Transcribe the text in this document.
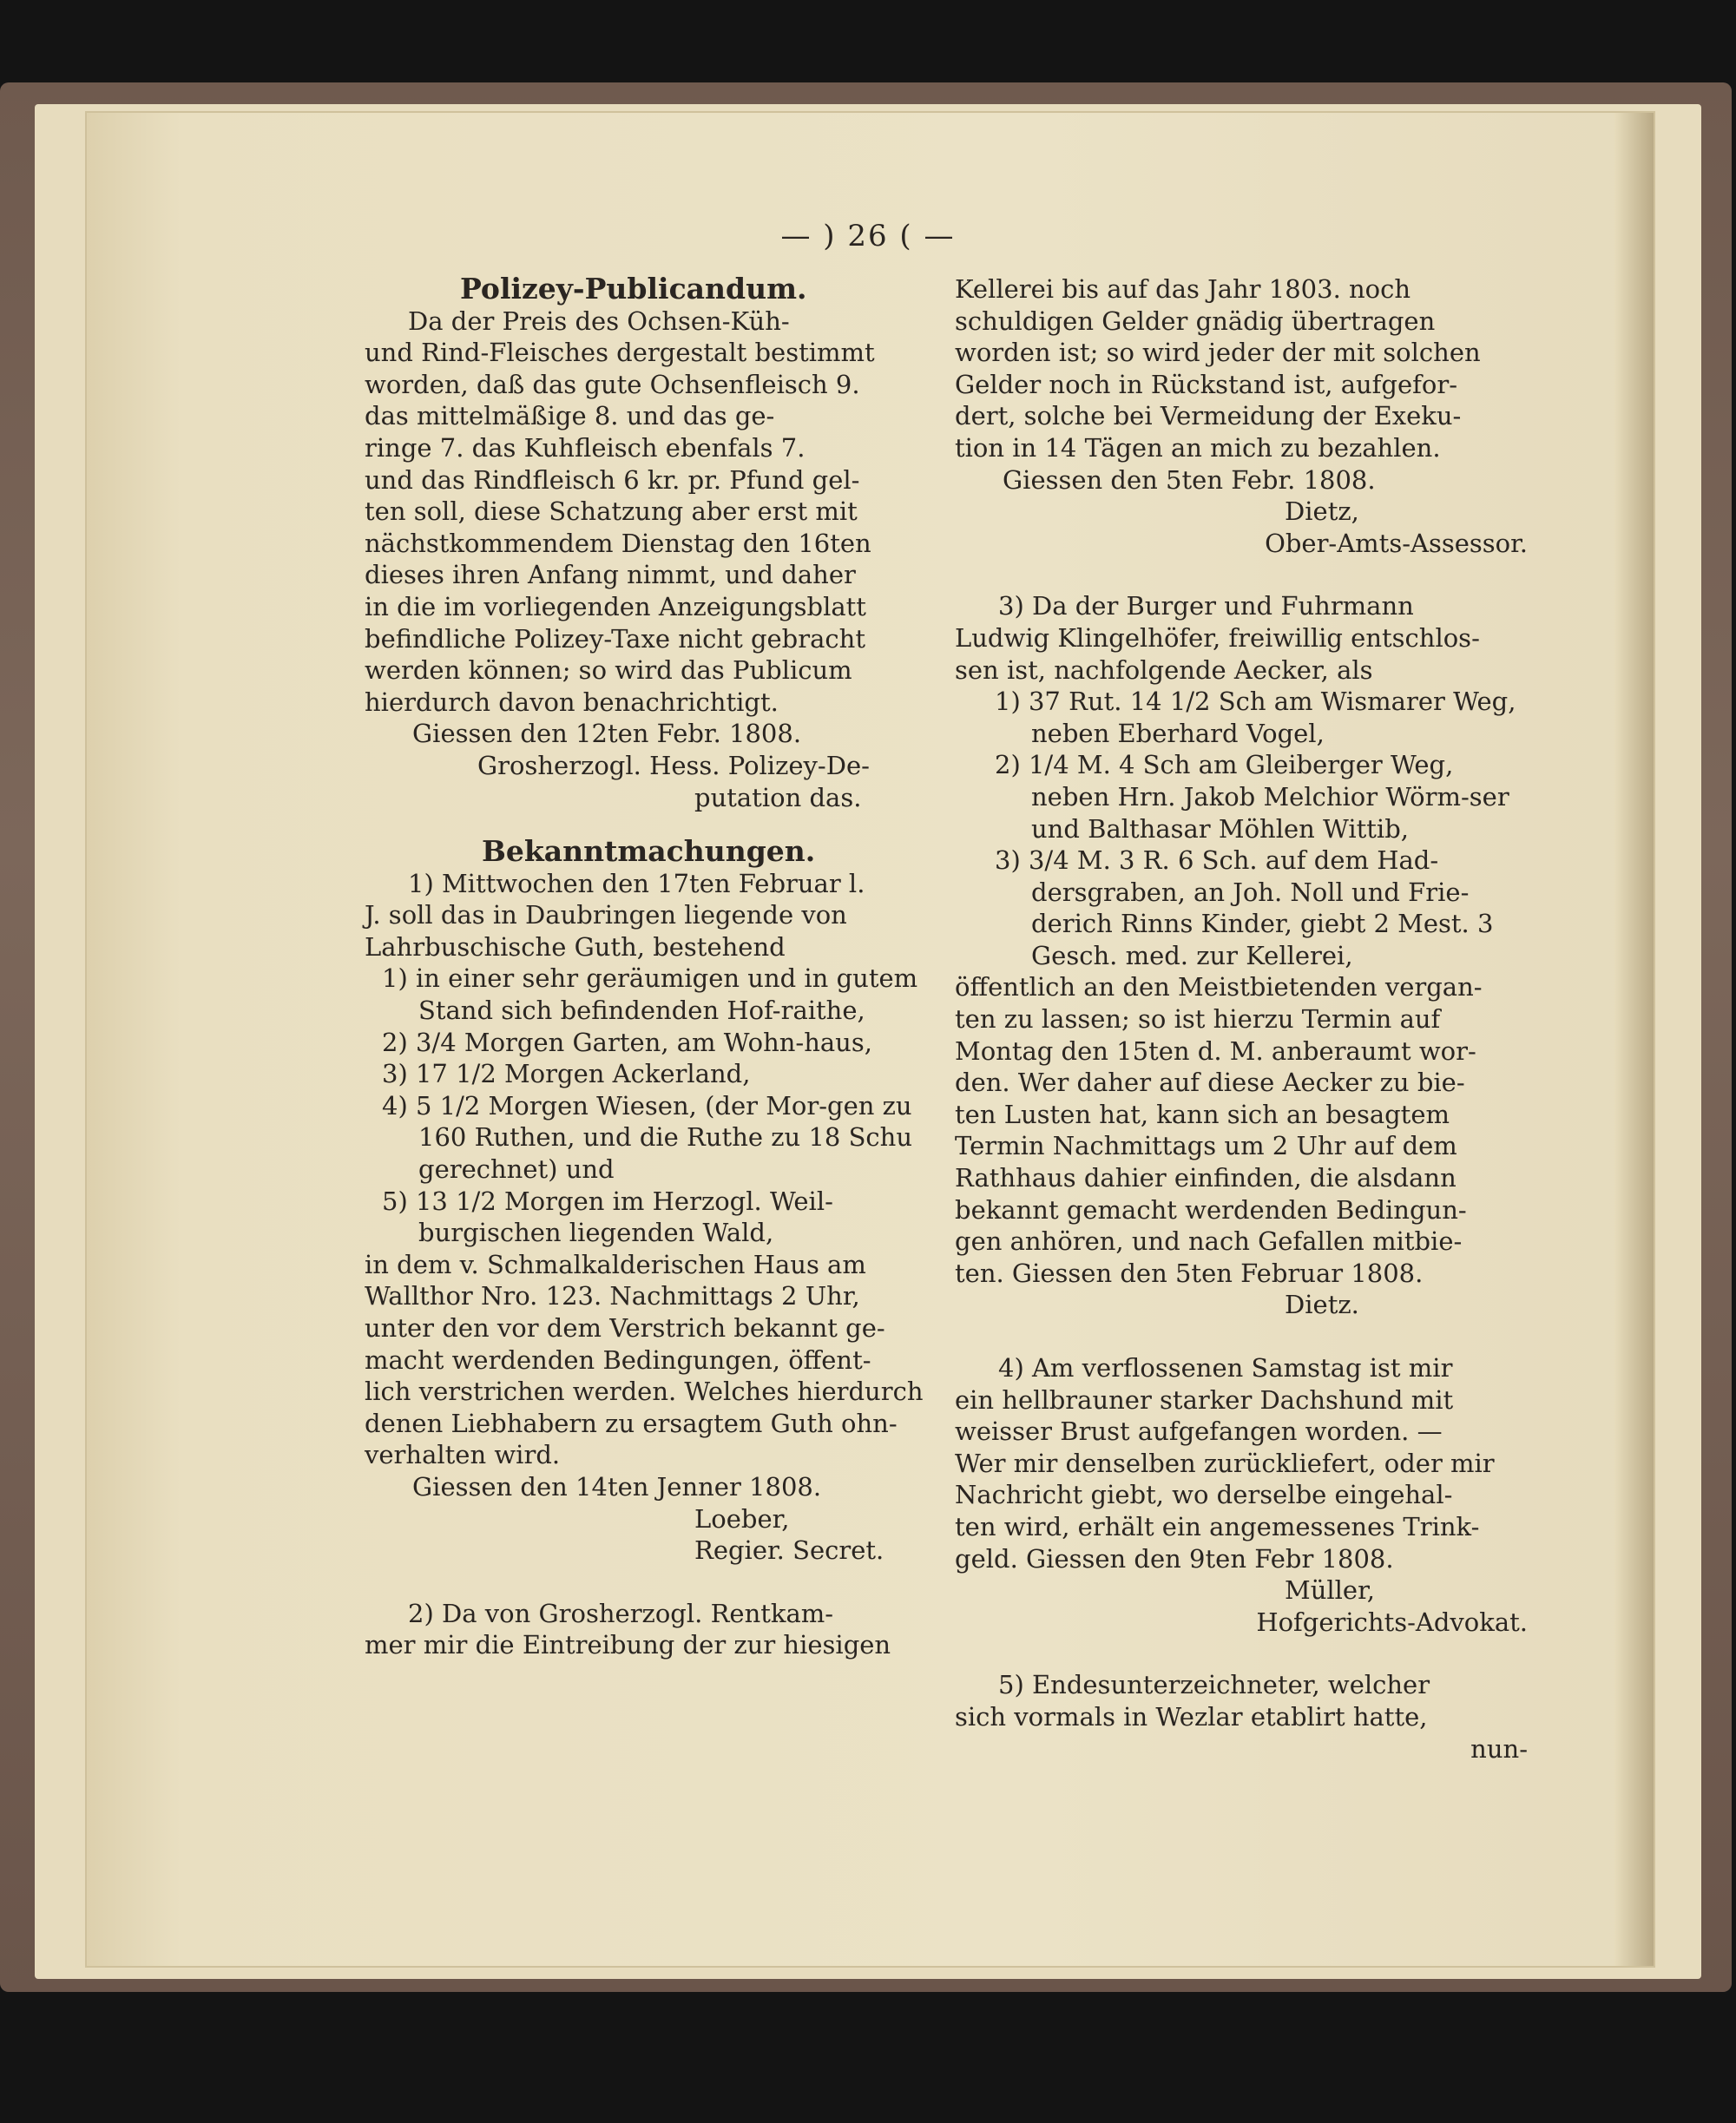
— ) 26 ( —

Polizey-Publicandum.

Da der Preis des Ochsen-Küh-

und Rind-Fleisches dergestalt bestimmt

worden, daß das gute Ochsenfleisch 9.

das mittelmäßige 8. und das ge-

ringe 7. das Kuhfleisch ebenfals 7.

und das Rindfleisch 6 kr. pr. Pfund gel-

ten soll, diese Schatzung aber erst mit

nächstkommendem Dienstag den 16ten

dieses ihren Anfang nimmt, und daher

in die im vorliegenden Anzeigungsblatt

befindliche Polizey-Taxe nicht gebracht

werden können; so wird das Publicum

hierdurch davon benachrichtigt.

Giessen den 12ten Febr. 1808.

Grosherzogl. Hess. Polizey-De-

putation das.

Bekanntmachungen.

1) Mittwochen den 17ten Februar l.

J. soll das in Daubringen liegende von

Lahrbuschische Guth, bestehend

1) in einer sehr geräumigen und in gutem Stand sich befindenden Hof-raithe,

2) 3/4 Morgen Garten, am Wohn-haus,

3) 17 1/2 Morgen Ackerland,

4) 5 1/2 Morgen Wiesen, (der Mor-gen zu 160 Ruthen, und die Ruthe zu 18 Schu gerechnet) und

5) 13 1/2 Morgen im Herzogl. Weil-burgischen liegenden Wald,

in dem v. Schmalkalderischen Haus am

Wallthor Nro. 123. Nachmittags 2 Uhr,

unter den vor dem Verstrich bekannt ge-

macht werdenden Bedingungen, öffent-

lich verstrichen werden. Welches hierdurch

denen Liebhabern zu ersagtem Guth ohn-

verhalten wird.

Giessen den 14ten Jenner 1808.

Loeber,

Regier. Secret.

2) Da von Grosherzogl. Rentkam-

mer mir die Eintreibung der zur hiesigen

Kellerei bis auf das Jahr 1803. noch

schuldigen Gelder gnädig übertragen

worden ist; so wird jeder der mit solchen

Gelder noch in Rückstand ist, aufgefor-

dert, solche bei Vermeidung der Exeku-

tion in 14 Tägen an mich zu bezahlen.

Giessen den 5ten Febr. 1808.

Dietz,

Ober-Amts-Assessor.

3) Da der Burger und Fuhrmann

Ludwig Klingelhöfer, freiwillig entschlos-

sen ist, nachfolgende Aecker, als

1) 37 Rut. 14 1/2 Sch am Wismarer Weg, neben Eberhard Vogel,

2) 1/4 M. 4 Sch am Gleiberger Weg, neben Hrn. Jakob Melchior Wörm-ser und Balthasar Möhlen Wittib,

3) 3/4 M. 3 R. 6 Sch. auf dem Had-dersgraben, an Joh. Noll und Frie-derich Rinns Kinder, giebt 2 Mest. 3 Gesch. med. zur Kellerei,

öffentlich an den Meistbietenden vergan-

ten zu lassen; so ist hierzu Termin auf

Montag den 15ten d. M. anberaumt wor-

den. Wer daher auf diese Aecker zu bie-

ten Lusten hat, kann sich an besagtem

Termin Nachmittags um 2 Uhr auf dem

Rathhaus dahier einfinden, die alsdann

bekannt gemacht werdenden Bedingun-

gen anhören, und nach Gefallen mitbie-

ten. Giessen den 5ten Februar 1808.

Dietz.

4) Am verflossenen Samstag ist mir

ein hellbrauner starker Dachshund mit

weisser Brust aufgefangen worden. —

Wer mir denselben zurückliefert, oder mir

Nachricht giebt, wo derselbe eingehal-

ten wird, erhält ein angemessenes Trink-

geld. Giessen den 9ten Febr 1808.

Müller,

Hofgerichts-Advokat.

5) Endesunterzeichneter, welcher

sich vormals in Wezlar etablirt hatte,

nun-
